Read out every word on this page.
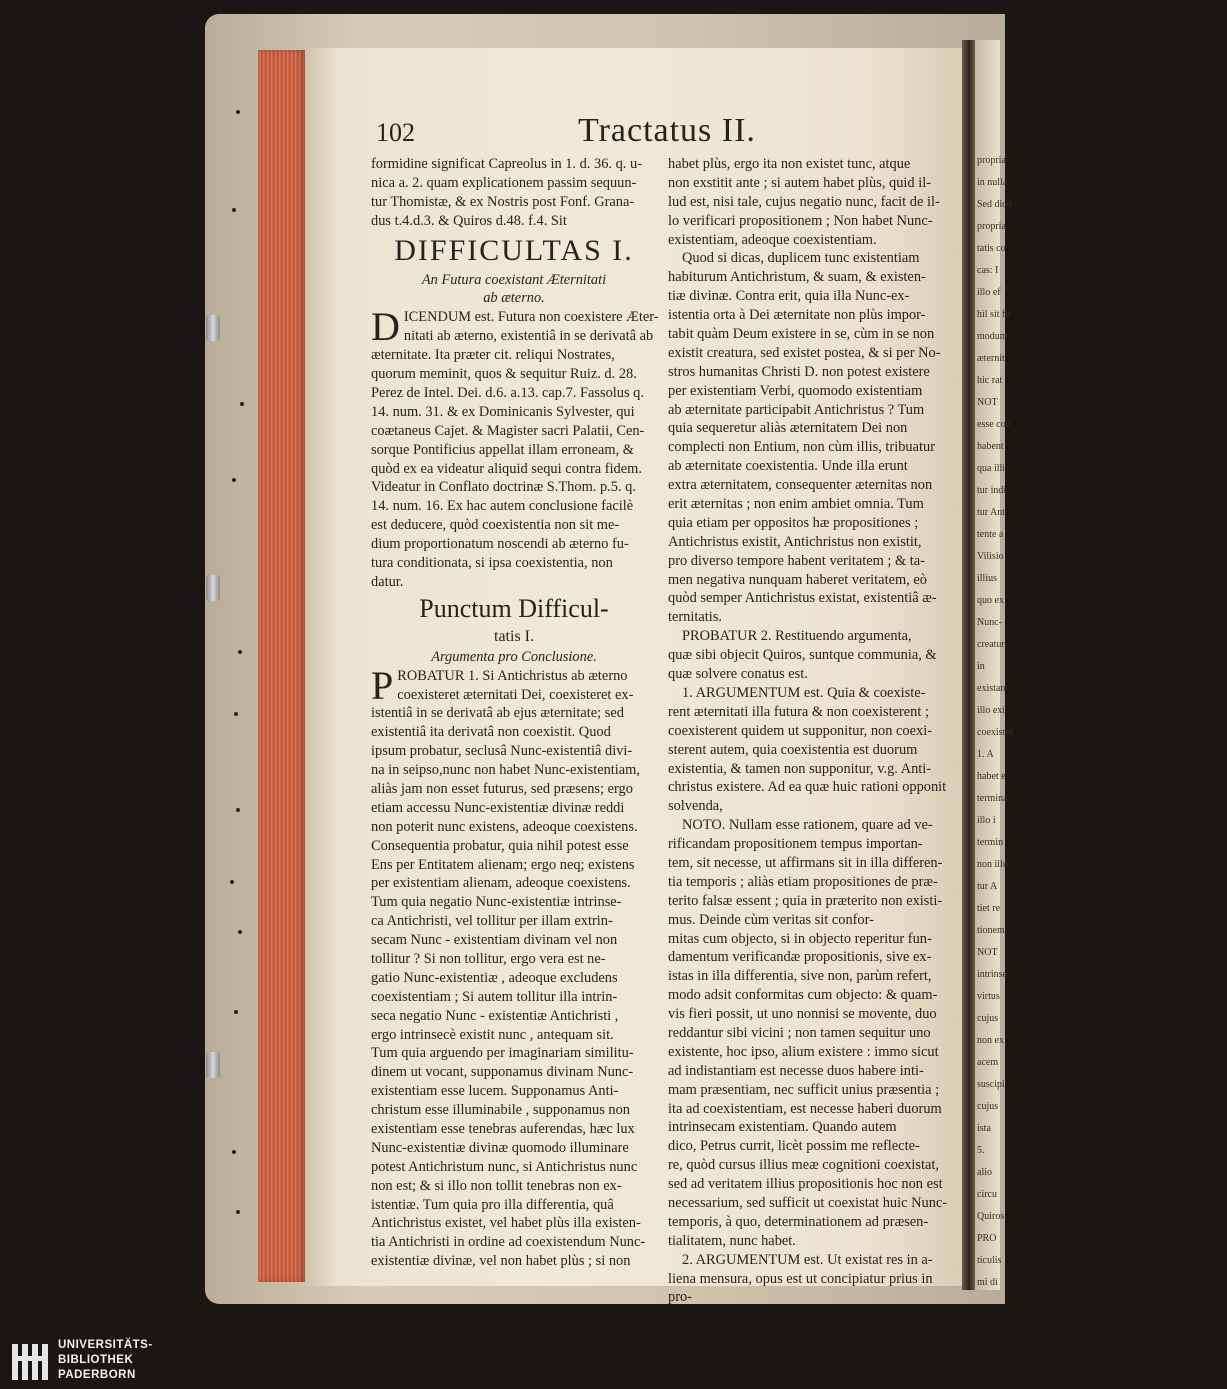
propria
in nulla
Sed dico
propria
tatis co
cas: I
illo ef
hil sit fe
modum
æternit
hic rat
NOT
esse coe
habent
qua illi
tur indi
tur Ant
tente a
Vilisio
illius
quo ex
Nunc-
creatur
in
existant
illo exi
coexister
1. A
habet e
termina
illo i
termin
non illu
tur A
tiet re
tionem
NOT
intrinse
virtus
cujus
non ex
acem
suscipi
cujus
ista
5.
alio
circu
Quiros.
PRO
ticulis
mi di
102	Tractatus II.
formidine significat Capreolus in 1. d. 36. q. u-
nica a. 2. quam explicationem passim sequun-
tur Thomistæ, & ex Nostris post Fonf. Grana-
dus t.4.d.3. & Quiros d.48. f.4. Sit
DIFFICULTAS I.
An Futura coexistant Æternitati
ab æterno.
D ICENDUM est. Futura non coexistere Æter-
nitati ab æterno, existentiâ in se derivatâ ab
æternitate. Ita præter cit. reliqui Nostrates,
quorum meminit, quos & sequitur Ruiz. d. 28.
Perez de Intel. Dei. d.6. a.13. cap.7. Fassolus q.
14. num. 31. & ex Dominicanis Sylvester, qui
coætaneus Cajet. & Magister sacri Palatii, Cen-
sorque Pontificius appellat illam erroneam, &
quòd ex ea videatur aliquid sequi contra fidem.
Videatur in Conflato doctrinæ S.Thom. p.5. q.
14. num. 16. Ex hac autem conclusione facilè
est deducere, quòd coexistentia non sit me-
dium proportionatum noscendi ab æterno fu-
tura conditionata, si ipsa coexistentia, non
datur.
Punctum Difficul-
tatis I.
Argumenta pro Conclusione.
P ROBATUR 1. Si Antichristus ab æterno
coexisteret æternitati Dei, coexisteret ex-
istentiâ in se derivatâ ab ejus æternitate; sed
existentiâ ita derivatâ non coexistit. Quod
ipsum probatur, seclusâ Nunc-existentiâ divi-
na in seipso,nunc non habet Nunc-existentiam,
aliàs jam non esset futurus, sed præsens; ergo
etiam accessu Nunc-existentiæ divinæ reddi
non poterit nunc existens, adeoque coexistens.
Consequentia probatur, quia nihil potest esse
Ens per Entitatem alienam; ergo neq; existens
per existentiam alienam, adeoque coexistens.
Tum quia negatio Nunc-existentiæ intrinse-
ca Antichristi, vel tollitur per illam extrin-
secam Nunc - existentiam divinam vel non
tollitur ? Si non tollitur, ergo vera est ne-
gatio Nunc-existentiæ , adeoque excludens
coexistentiam ; Si autem tollitur illa intrin-
seca negatio Nunc - existentiæ Antichristi ,
ergo intrinsecè existit nunc , antequam sit.
Tum quia arguendo per imaginariam similitu-
dinem ut vocant, supponamus divinam Nunc-
existentiam esse lucem. Supponamus Anti-
christum esse illuminabile , supponamus non
existentiam esse tenebras auferendas, hæc lux
Nunc-existentiæ divinæ quomodo illuminare
potest Antichristum nunc, si Antichristus nunc
non est; & si illo non tollit tenebras non ex-
istentiæ. Tum quia pro illa differentia, quâ
Antichristus existet, vel habet plùs illa existen-
tia Antichristi in ordine ad coexistendum Nunc-
existentiæ divinæ, vel non habet plùs ; si non
habet plùs, ergo ita non existet tunc, atque
non exstitit ante ; si autem habet plùs, quid il-
lud est, nisi tale, cujus negatio nunc, facit de il-
lo verificari propositionem ; Non habet Nunc-
existentiam, adeoque coexistentiam.
Quod si dicas, duplicem tunc existentiam
habiturum Antichristum, & suam, & existen-
tiæ divinæ. Contra erit, quia illa Nunc-ex-
istentia orta à Dei æternitate non plùs impor-
tabit quàm Deum existere in se, cùm in se non
existit creatura, sed existet postea, & si per No-
stros humanitas Christi D. non potest existere
per existentiam Verbi, quomodo existentiam
ab æternitate participabit Antichristus ? Tum
quia sequeretur aliàs æternitatem Dei non
complecti non Entium, non cùm illis, tribuatur
ab æternitate coexistentia. Unde illa erunt
extra æternitatem, consequenter æternitas non
erit æternitas ; non enim ambiet omnia. Tum
quia etiam per oppositos hæ propositiones ;
Antichristus existit, Antichristus non existit,
pro diverso tempore habent veritatem ; & ta-
men negativa nunquam haberet veritatem, eò
quòd semper Antichristus existat, existentiâ æ-
ternitatis.
PROBATUR 2. Restituendo argumenta,
quæ sibi objecit Quiros, suntque communia, &
quæ solvere conatus est.
1. ARGUMENTUM est. Quia & coexiste-
rent æternitati illa futura & non coexisterent ;
coexisterent quidem ut supponitur, non coexi-
sterent autem, quia coexistentia est duorum
existentia, & tamen non supponitur, v.g. Anti-
christus existere. Ad ea quæ huic rationi opponit
solvenda,
NOTO. Nullam esse rationem, quare ad ve-
rificandam propositionem tempus importan-
tem, sit necesse, ut affirmans sit in illa differen-
tia temporis ; aliàs etiam propositiones de præ-
terito falsæ essent ; quia in præterito non existi-
mus. Deinde cùm veritas sit confor-
mitas cum objecto, si in objecto reperitur fun-
damentum verificandæ propositionis, sive ex-
istas in illa differentia, sive non, parùm refert,
modo adsit conformitas cum objecto: & quam-
vis fieri possit, ut uno nonnisi se movente, duo
reddantur sibi vicini ; non tamen sequitur uno
existente, hoc ipso, alium existere : immo sicut
ad indistantiam est necesse duos habere inti-
mam præsentiam, nec sufficit unius præsentia ;
ita ad coexistentiam, est necesse haberi duorum
intrinsecam existentiam. Quando autem
dico, Petrus currit, licèt possim me reflecte-
re, quòd cursus illius meæ cognitioni coexistat,
sed ad veritatem illius propositionis hoc non est
necessarium, sed sufficit ut coexistat huic Nunc-
temporis, à quo, determinationem ad præsen-
tialitatem, nunc habet.
2. ARGUMENTUM est. Ut existat res in a-
liena mensura, opus est ut concipiatur prius in
pro-
UNIVERSITÄTS-
BIBLIOTHEK
PADERBORN
